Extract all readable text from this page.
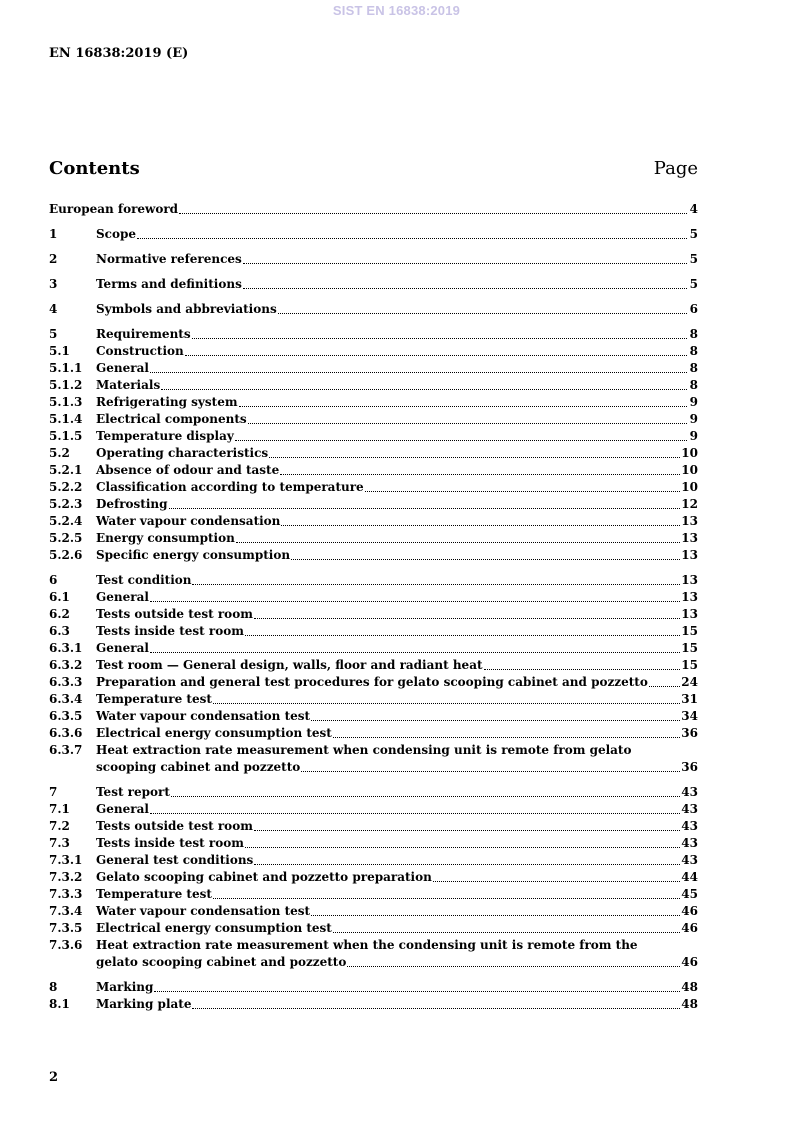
SIST EN 16838:2019
EN 16838:2019 (E)
Contents	Page
European foreword	4
1	Scope	5
2	Normative references	5
3	Terms and definitions	5
4	Symbols and abbreviations	6
5	Requirements	8
5.1	Construction	8
5.1.1	General	8
5.1.2	Materials	8
5.1.3	Refrigerating system	9
5.1.4	Electrical components	9
5.1.5	Temperature display	9
5.2	Operating characteristics	10
5.2.1	Absence of odour and taste	10
5.2.2	Classification according to temperature	10
5.2.3	Defrosting	12
5.2.4	Water vapour condensation	13
5.2.5	Energy consumption	13
5.2.6	Specific energy consumption	13
6	Test condition	13
6.1	General	13
6.2	Tests outside test room	13
6.3	Tests inside test room	15
6.3.1	General	15
6.3.2	Test room — General design, walls, floor and radiant heat	15
6.3.3	Preparation and general test procedures for gelato scooping cabinet and pozzetto	24
6.3.4	Temperature test	31
6.3.5	Water vapour condensation test	34
6.3.6	Electrical energy consumption test	36
6.3.7	Heat extraction rate measurement when condensing unit is remote from gelato
scooping cabinet and pozzetto	36
7	Test report	43
7.1	General	43
7.2	Tests outside test room	43
7.3	Tests inside test room	43
7.3.1	General test conditions	43
7.3.2	Gelato scooping cabinet and pozzetto preparation	44
7.3.3	Temperature test	45
7.3.4	Water vapour condensation test	46
7.3.5	Electrical energy consumption test	46
7.3.6	Heat extraction rate measurement when the condensing unit is remote from the
gelato scooping cabinet and pozzetto	46
8	Marking	48
8.1	Marking plate	48
2
